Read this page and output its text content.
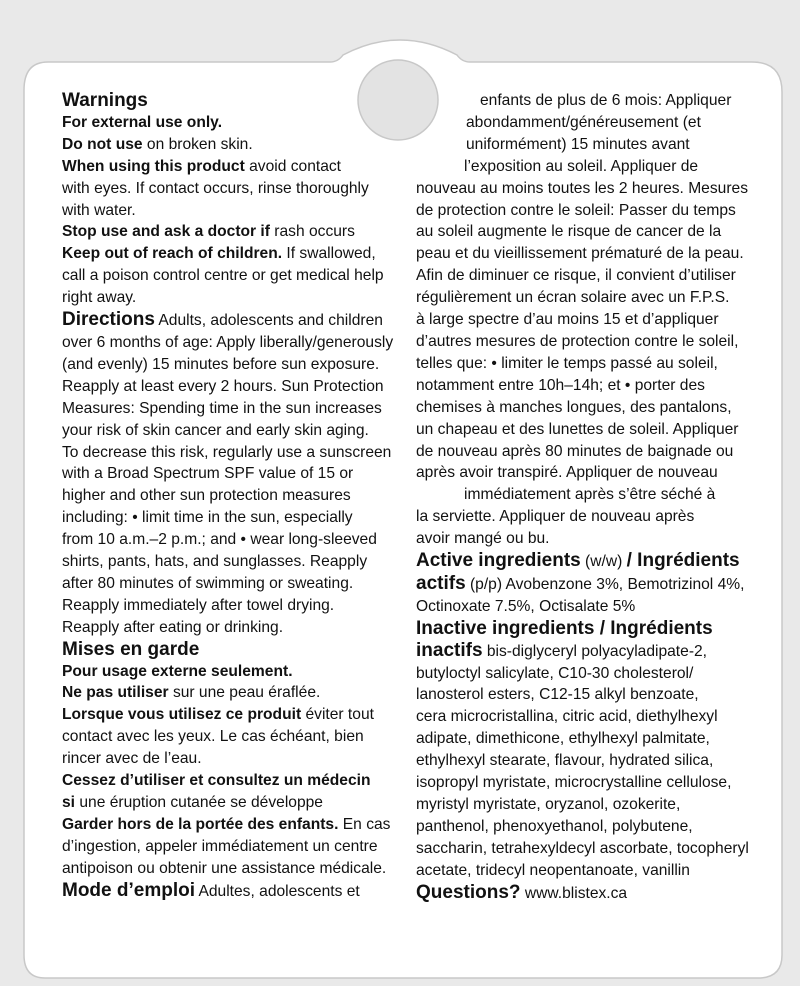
Warnings

For external use only.

Do not use on broken skin.

When using this product avoid contact

with eyes. If contact occurs, rinse thoroughly

with water.

Stop use and ask a doctor if rash occurs

Keep out of reach of children. If swallowed,

call a poison control centre or get medical help

right away.

Directions Adults, adolescents and children

over 6 months of age: Apply liberally/generously

(and evenly) 15 minutes before sun exposure.

Reapply at least every 2 hours. Sun Protection

Measures: Spending time in the sun increases

your risk of skin cancer and early skin aging.

To decrease this risk, regularly use a sunscreen

with a Broad Spectrum SPF value of 15 or

higher and other sun protection measures

including: • limit time in the sun, especially

from 10 a.m.–2 p.m.; and • wear long-sleeved

shirts, pants, hats, and sunglasses. Reapply

after 80 minutes of swimming or sweating.

Reapply immediately after towel drying.

Reapply after eating or drinking.

Mises en garde

Pour usage externe seulement.

Ne pas utiliser sur une peau éraflée.

Lorsque vous utilisez ce produit éviter tout

contact avec les yeux. Le cas échéant, bien

rincer avec de l’eau.

Cessez d’utiliser et consultez un médecin

si une éruption cutanée se développe

Garder hors de la portée des enfants. En cas

d’ingestion, appeler immédiatement un centre

antipoison ou obtenir une assistance médicale.

Mode d’emploi Adultes, adolescents et

enfants de plus de 6 mois: Appliquer

abondamment/généreusement (et

uniformément) 15 minutes avant

l’exposition au soleil. Appliquer de

nouveau au moins toutes les 2 heures. Mesures

de protection contre le soleil: Passer du temps

au soleil augmente le risque de cancer de la

peau et du vieillissement prématuré de la peau.

Afin de diminuer ce risque, il convient d’utiliser

régulièrement un écran solaire avec un F.P.S.

à large spectre d’au moins 15 et d’appliquer

d’autres mesures de protection contre le soleil,

telles que: • limiter le temps passé au soleil,

notamment entre 10h–14h; et • porter des

chemises à manches longues, des pantalons,

un chapeau et des lunettes de soleil. Appliquer

de nouveau après 80 minutes de baignade ou

après avoir transpiré. Appliquer de nouveau

immédiatement après s’être séché à

la serviette. Appliquer de nouveau après

avoir mangé ou bu.

Active ingredients (w/w) / Ingrédients

actifs (p/p) Avobenzone 3%, Bemotrizinol 4%,

Octinoxate 7.5%, Octisalate 5%

Inactive ingredients / Ingrédients

inactifs bis-diglyceryl polyacyladipate-2,

butyloctyl salicylate, C10-30 cholesterol/

lanosterol esters, C12-15 alkyl benzoate,

cera microcristallina, citric acid, diethylhexyl

adipate, dimethicone, ethylhexyl palmitate,

ethylhexyl stearate, flavour, hydrated silica,

isopropyl myristate, microcrystalline cellulose,

myristyl myristate, oryzanol, ozokerite,

panthenol, phenoxyethanol, polybutene,

saccharin, tetrahexyldecyl ascorbate, tocopheryl

acetate, tridecyl neopentanoate, vanillin

Questions? www.blistex.ca
